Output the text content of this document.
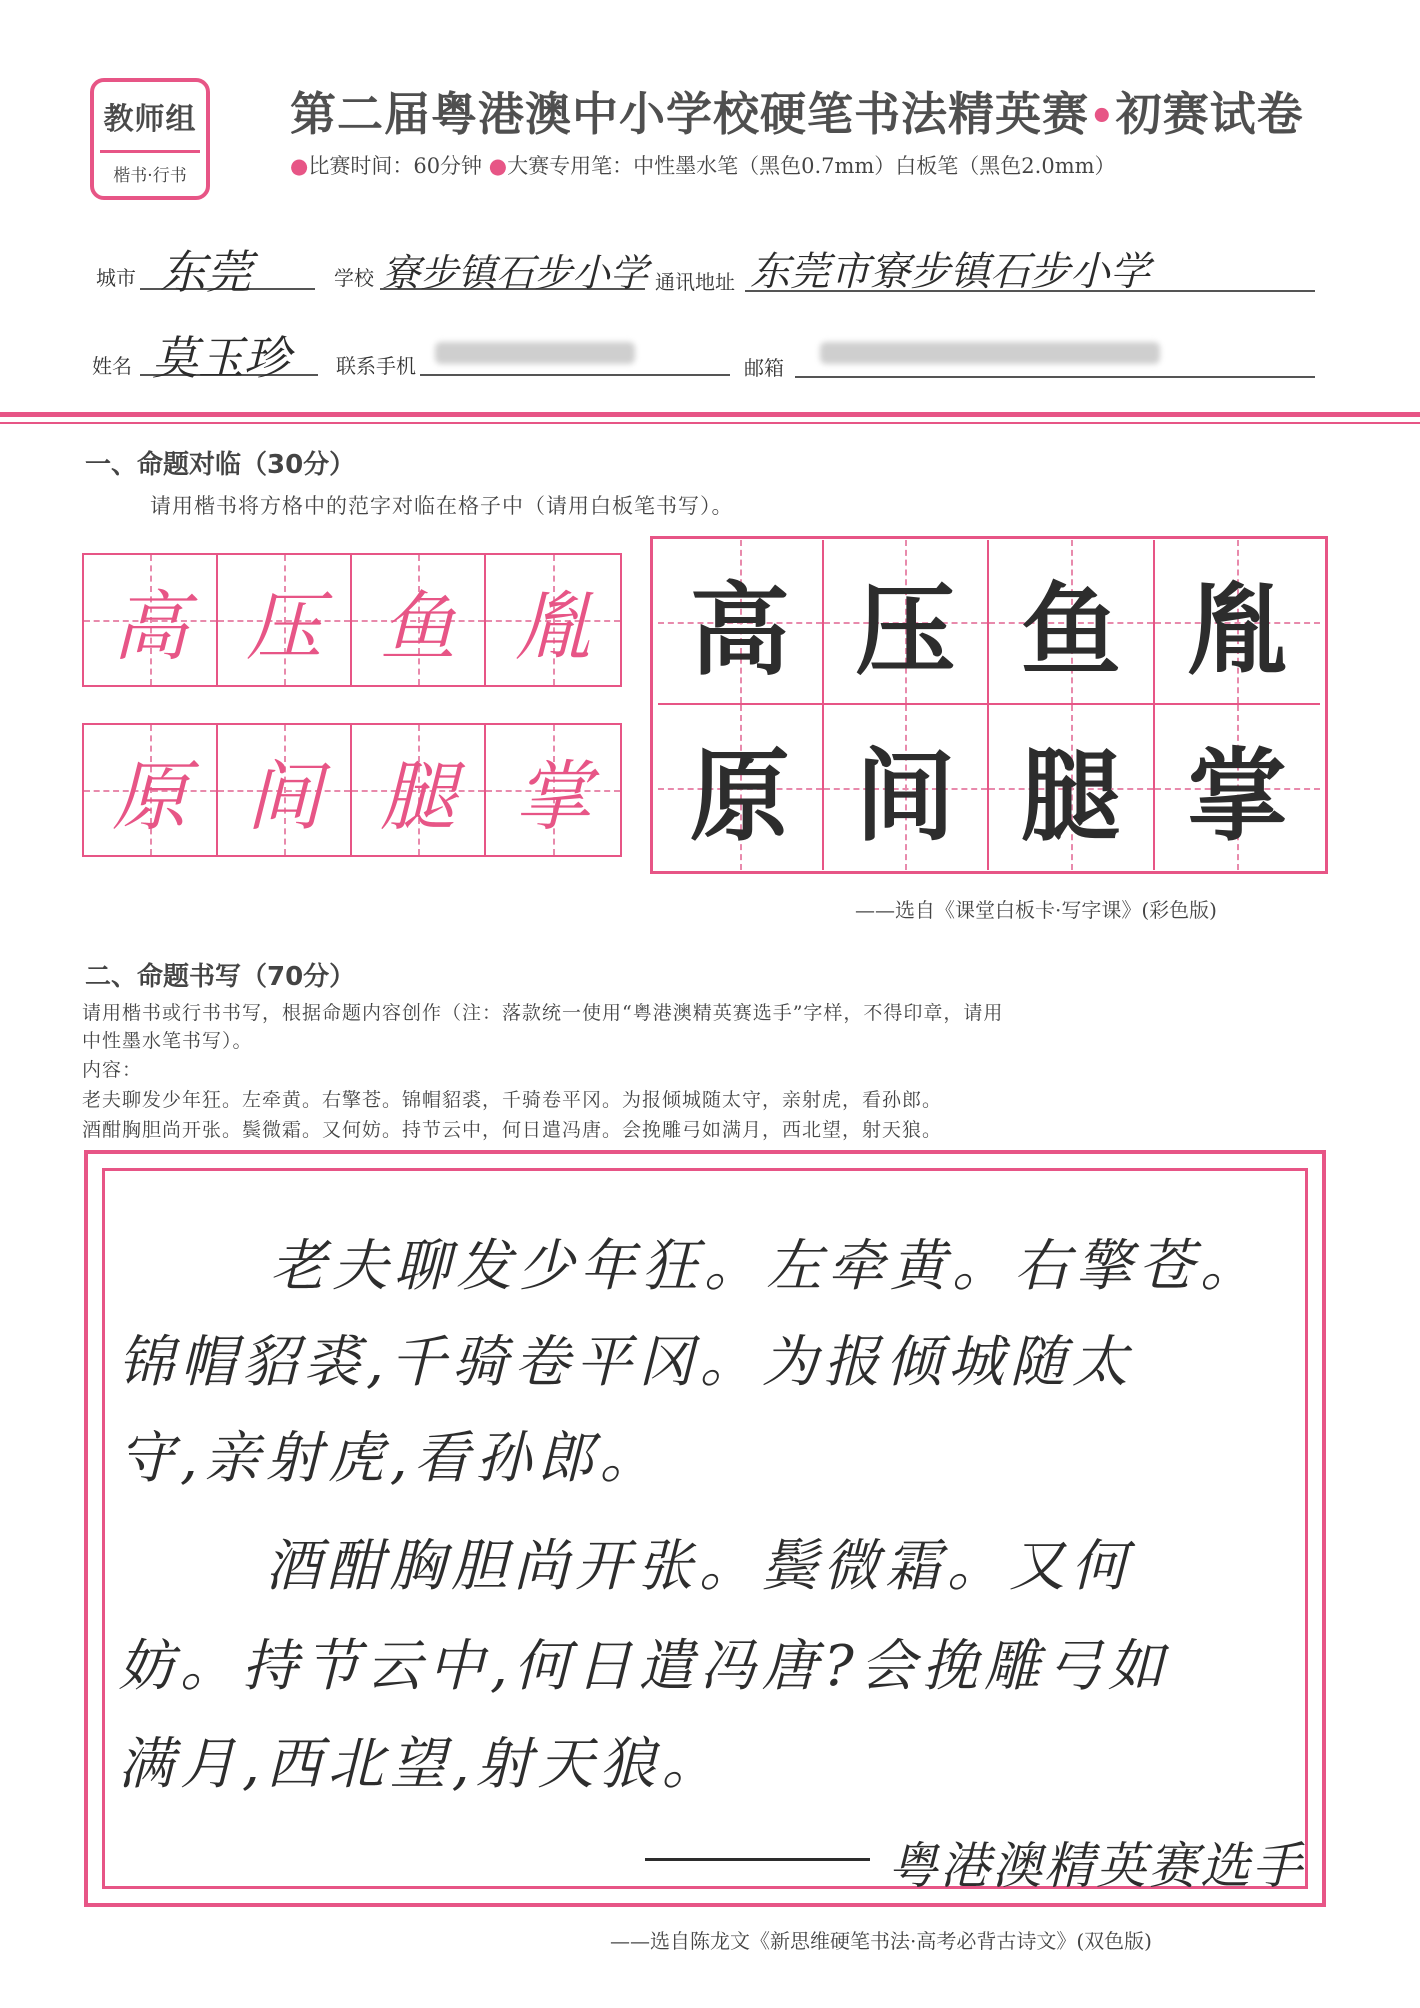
教师组
楷书·行书
第二届粤港澳中小学校硬笔书法精英赛•初赛试卷
●比赛时间：60分钟 ●大赛专用笔：中性墨水笔（黑色0.7mm）白板笔（黑色2.0mm）
城市 东莞	学校 寮步镇石步小学 通讯地址 东莞市寮步镇石步小学
姓名 莫玉珍 联系手机	邮箱
一、命题对临（30分）
请用楷书将方格中的范字对临在格子中（请用白板笔书写）。
高 压 鱼 胤
原 间 腿 掌
高 压 鱼 胤
原 间 腿 掌
——选自《课堂白板卡·写字课》(彩色版)
二、命题书写（70分）
请用楷书或行书书写，根据命题内容创作（注：落款统一使用“粤港澳精英赛选手”字样，不得印章，请用
中性墨水笔书写）。
内容：
老夫聊发少年狂。左牵黄。右擎苍。锦帽貂裘，千骑卷平冈。为报倾城随太守，亲射虎，看孙郎。
酒酣胸胆尚开张。鬓微霜。又何妨。持节云中，何日遣冯唐。会挽雕弓如满月，西北望，射天狼。
老夫聊发少年狂。左牵黄。右擎苍。
锦帽貂裘,千骑卷平冈。为报倾城随太
守,亲射虎,看孙郎。
酒酣胸胆尚开张。鬓微霜。又何
妨。持节云中,何日遣冯唐?会挽雕弓如
满月,西北望,射天狼。
粤港澳精英赛选手
——选自陈龙文《新思维硬笔书法·高考必背古诗文》(双色版)
